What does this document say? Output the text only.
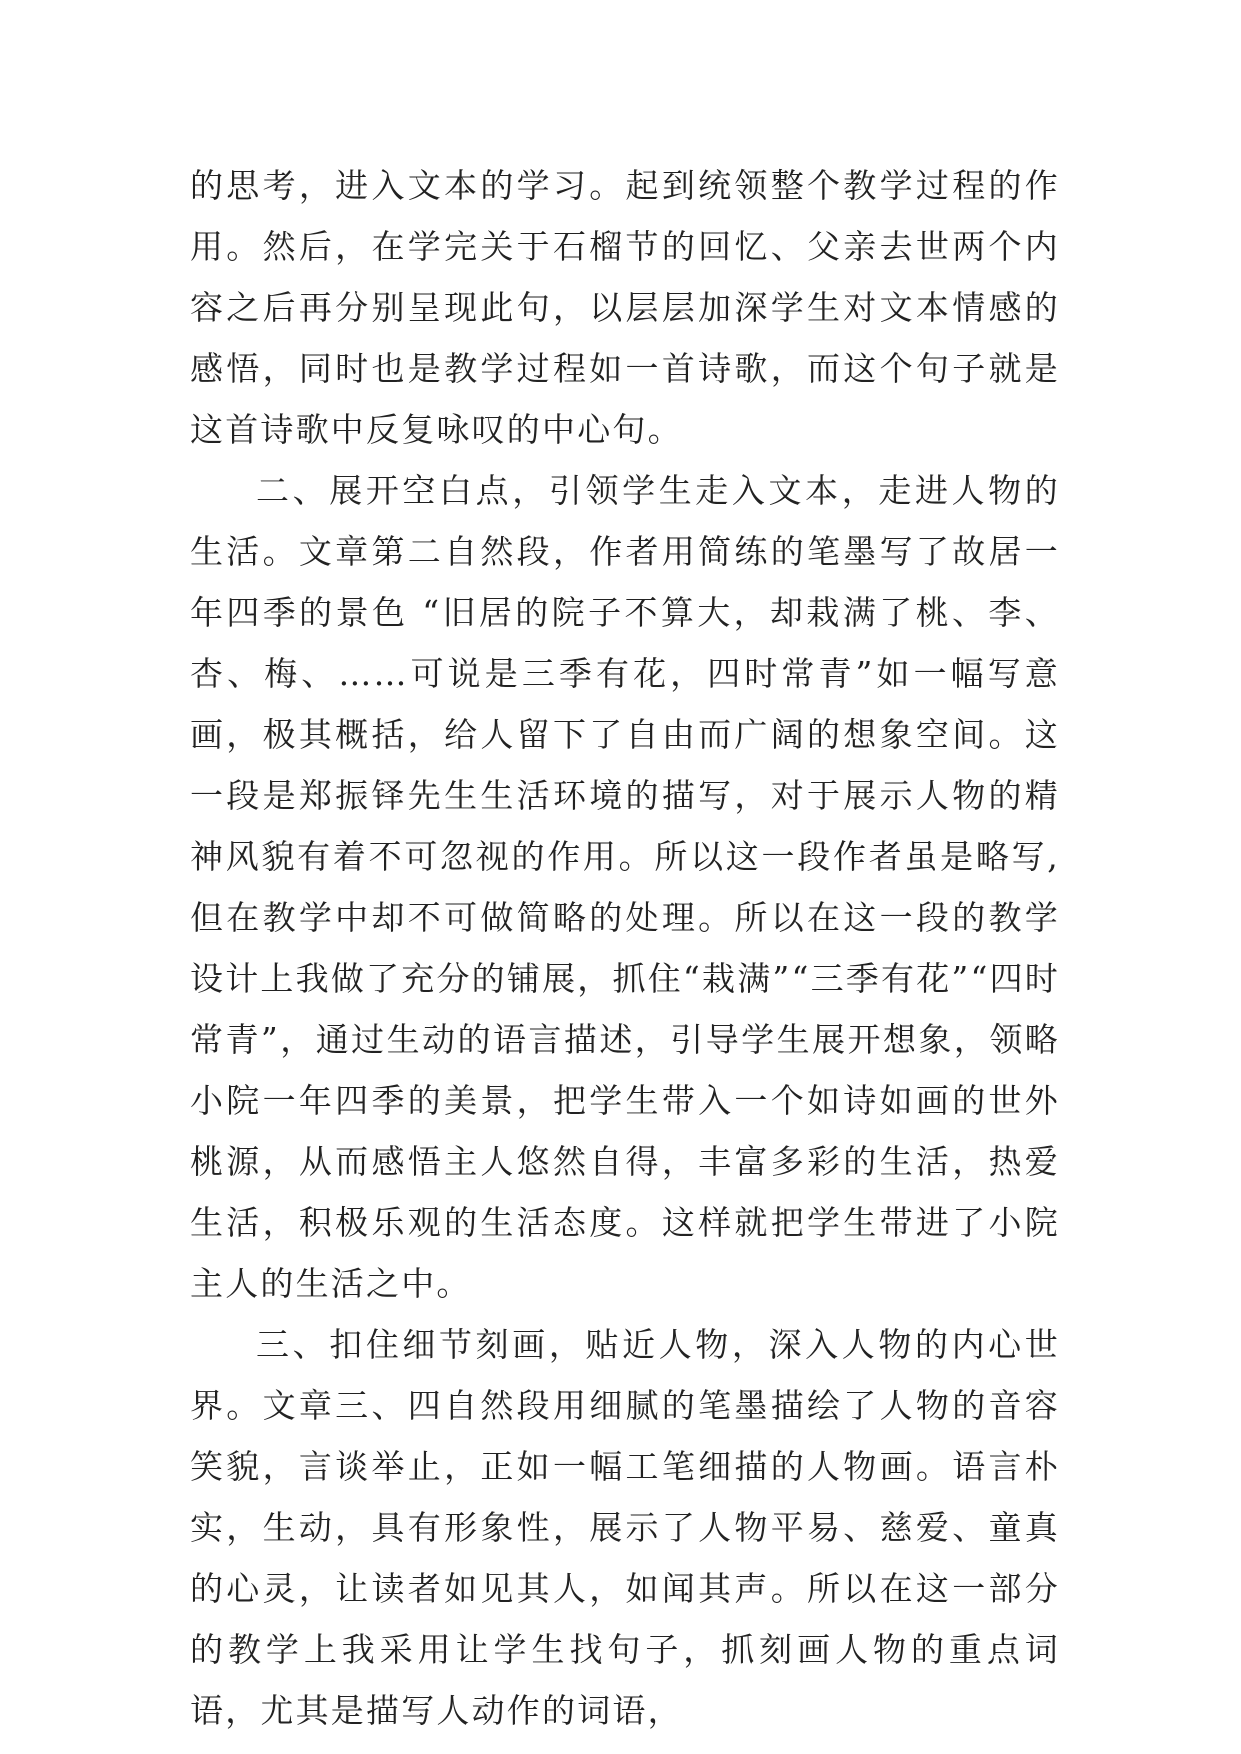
的思考，进入文本的学习。起到统领整个教学过程的作用。然后，在学完关于石榴节的回忆、父亲去世两个内容之后再分别呈现此句，以层层加深学生对文本情感的感悟，同时也是教学过程如一首诗歌，而这个句子就是这首诗歌中反复咏叹的中心句。

二、展开空白点，引领学生走入文本，走进人物的生活。文章第二自然段，作者用简练的笔墨写了故居一年四季的景色 “旧居的院子不算大，却栽满了桃、李、杏、梅、……可说是三季有花，四时常青”如一幅写意画，极其概括，给人留下了自由而广阔的想象空间。这一段是郑振铎先生生活环境的描写，对于展示人物的精神风貌有着不可忽视的作用。所以这一段作者虽是略写,但在教学中却不可做简略的处理。所以在这一段的教学设计上我做了充分的铺展，抓住“栽满”“三季有花”“四时常青”，通过生动的语言描述，引导学生展开想象，领略小院一年四季的美景，把学生带入一个如诗如画的世外桃源，从而感悟主人悠然自得，丰富多彩的生活，热爱生活，积极乐观的生活态度。这样就把学生带进了小院主人的生活之中。

三、扣住细节刻画，贴近人物，深入人物的内心世界。文章三、四自然段用细腻的笔墨描绘了人物的音容笑貌，言谈举止，正如一幅工笔细描的人物画。语言朴实，生动，具有形象性，展示了人物平易、慈爱、童真的心灵，让读者如见其人，如闻其声。所以在这一部分的教学上我采用让学生找句子，抓刻画人物的重点词语，尤其是描写人动作的词语，
